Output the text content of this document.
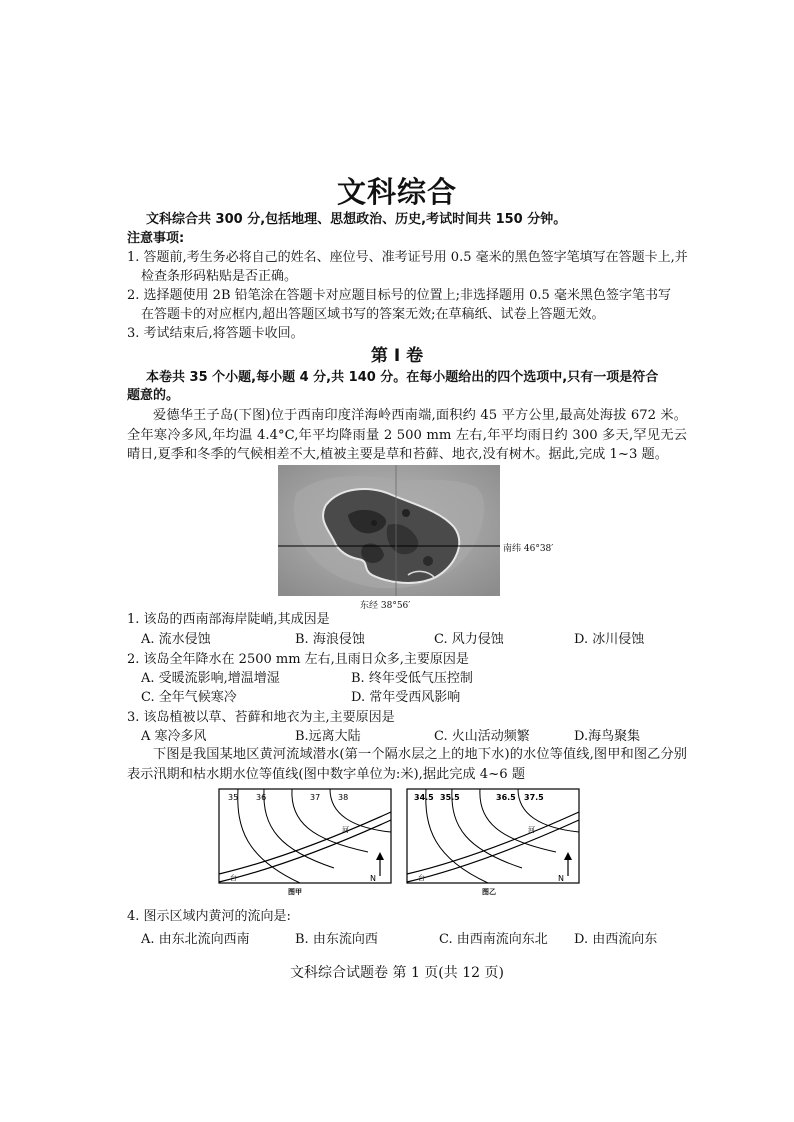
文科综合
文科综合共 300 分,包括地理、思想政治、历史,考试时间共 150 分钟。
注意事项:
1. 答题前,考生务必将自己的姓名、座位号、准考证号用 0.5 毫米的黑色签字笔填写在答题卡上,并
检查条形码粘贴是否正确。
2. 选择题使用 2B 铅笔涂在答题卡对应题目标号的位置上;非选择题用 0.5 毫米黑色签字笔书写
在答题卡的对应框内,超出答题区域书写的答案无效;在草稿纸、试卷上答题无效。
3. 考试结束后,将答题卡收回。
第 I 卷
本卷共 35 个小题,每小题 4 分,共 140 分。在每小题给出的四个选项中,只有一项是符合
题意的。
爱德华王子岛(下图)位于西南印度洋海岭西南端,面积约 45 平方公里,最高处海拔 672 米。全年寒冷多风,年均温 4.4°C,年平均降雨量 2 500 mm 左右,年平均雨日约 300 多天,罕见无云晴日,夏季和冬季的气候相差不大,植被主要是草和苔藓、地衣,没有树木。据此,完成 1~3 题。
南纬 46°38′
东经 38°56′
1. 该岛的西南部海岸陡峭,其成因是
A. 流水侵蚀	B. 海浪侵蚀	C. 风力侵蚀	D. 冰川侵蚀
2. 该岛全年降水在 2500 mm 左右,且雨日众多,主要原因是
A. 受暖流影响,增温增湿	B. 终年受低气压控制
C. 全年气候寒冷	D. 常年受西风影响
3. 该岛植被以草、苔藓和地衣为主,主要原因是
A 寒冷多风	B.远离大陆	C. 火山活动频繁	D.海鸟聚集
下图是我国某地区黄河流域潜水(第一个隔水层之上的地下水)的水位等值线,图甲和图乙分别表示汛期和枯水期水位等值线(图中数字单位为:米),据此完成 4~6 题
35 36	37 38
河
台	N
图甲
34.5 35.5	36.5 37.5
河
台	N
图乙
4. 图示区域内黄河的流向是:
A. 由东北流向西南	B. 由东流向西	C. 由西南流向东北 D. 由西流向东
文科综合试题卷 第 1 页(共 12 页)
